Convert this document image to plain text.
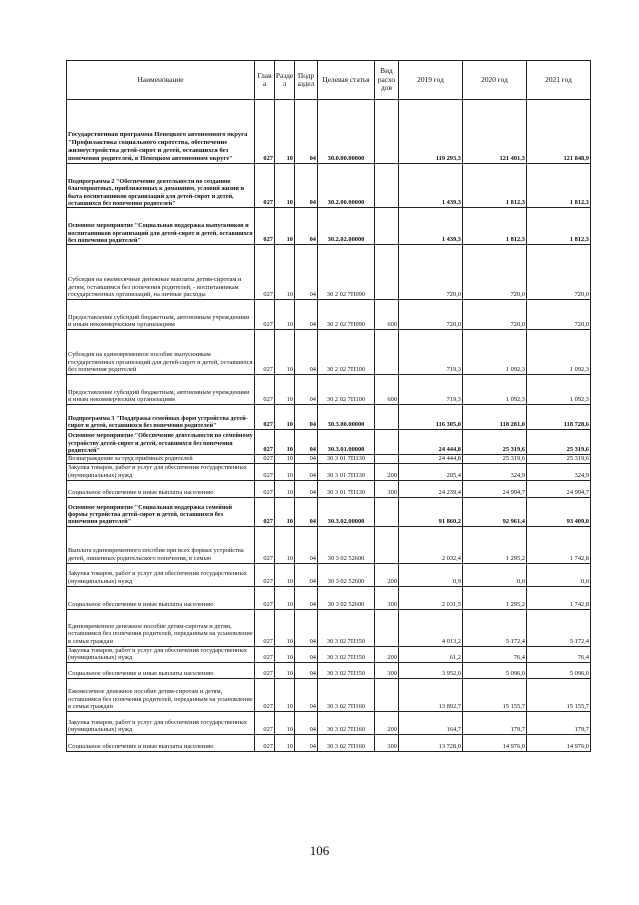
Наименование	Глав а	Разде л	Подр аздел	Целевая статья	Вид расхо дов	2019 год	2020 год	2021 год
Государственная программа Ненецкого автономного округа "Профилактика социального сиротства, обеспечение жизнеустройства детей-сирот и детей, оставшихся без попечения родителей, в Ненецком автономном округе"	027	10	04	30.0.00.00000		119 293,3	121 401,3	121 848,9
Подпрограмма 2 "Обеспечение деятельности по созданию благоприятных, приближенных к домашним, условий жизни и быта воспитанников организаций для детей-сирот и детей, оставшихся без попечения родителей"	027	10	04	30.2.00.00000		1 439,3	1 812,3	1 812,3
Основное мероприятие "Социальная поддержка выпускников и воспитанников организаций для детей-сирот и детей, оставшихся без попечения родителей"	027	10	04	30.2.02.00000		1 439,3	1 812,3	1 812,3
Субсидия на ежемесячные денежные выплаты детям-сиротам и детям, оставшимся без попечения родителей, - воспитанникам государственных организаций, на личные расходы	027	10	04	30 2 02 7П090		720,0	720,0	720,0
Предоставление субсидий бюджетным, автономным учреждениям и иным некоммерческим организациям	027	10	04	30 2 02 7П090	600	720,0	720,0	720,0
Субсидия на единовременное пособие выпускникам государственных организаций для детей-сирот и детей, оставшихся без попечения родителей	027	10	04	30 2 02 7П100		719,3	1 092,3	1 092,3
Предоставление субсидий бюджетным, автономным учреждениям и иным некоммерческим организациям	027	10	04	30 2 02 7П100	600	719,3	1 092,3	1 092,3
Подпрограмма 3 "Поддержка семейных форм устройства детей-сирот и детей, оставшихся без попечения родителей"	027	10	04	30.3.00.00000		116 305,0	118 281,0	118 728,6
Основное мероприятие "Обеспечение деятельности по семейному устройству детей-сирот и детей, оставшихся без попечения родителей"	027	10	04	30.3.01.00000		24 444,8	25 319,6	25 319,6
Вознаграждение за труд приёмных родителей	027	10	04	30 3 01 7П130		24 444,8	25 319,6	25 319,6
Закупка товаров, работ и услуг для обеспечения государственных (муниципальных) нужд	027	10	04	30 3 01 7П130	200	205,4	324,9	324,9
Социальное обеспечение и иные выплаты населению	027	10	04	30 3 01 7П130	300	24 239,4	24 994,7	24 994,7
Основное мероприятие "Социальная поддержка семейной формы устройства детей-сирот и детей, оставшихся без попечения родителей"	027	10	04	30.3.02.00000		91 860,2	92 961,4	93 409,0
Выплата единовременного пособия при всех формах устройства детей, лишенных родительского попечения, в семью	027	10	04	30 3 02 52600		2 032,4	1 295,2	1 742,8
Закупка товаров, работ и услуг для обеспечения государственных (муниципальных) нужд	027	10	04	30 3 02 52600	200	0,9	0,0	0,0
Социальное обеспечение и иные выплаты населению	027	10	04	30 3 02 52600	300	2 031,5	1 295,2	1 742,8
Единовременное денежное пособие детям-сиротам и детям, оставшимся без попечения родителей, переданным на усыновление в семьи граждан	027	10	04	30 3 02 7П150		4 013,2	5 172,4	5 172,4
Закупка товаров, работ и услуг для обеспечения государственных (муниципальных) нужд	027	10	04	30 3 02 7П150	200	61,2	76,4	76,4
Социальное обеспечение и иные выплаты населению	027	10	04	30 3 02 7П150	300	3 952,0	5 096,0	5 096,0
Ежемесячное денежное пособие детям-сиротам и детям, оставшимся без попечения родителей, переданным на усыновление в семьи граждан	027	10	04	30 3 02 7П160		13 892,7	15 155,7	15 155,7
Закупка товаров, работ и услуг для обеспечения государственных (муниципальных) нужд	027	10	04	30 3 02 7П160	200	164,7	179,7	179,7
Социальное обеспечение и иные выплаты населению	027	10	04	30 3 02 7П160	300	13 728,0	14 976,0	14 976,0
106
